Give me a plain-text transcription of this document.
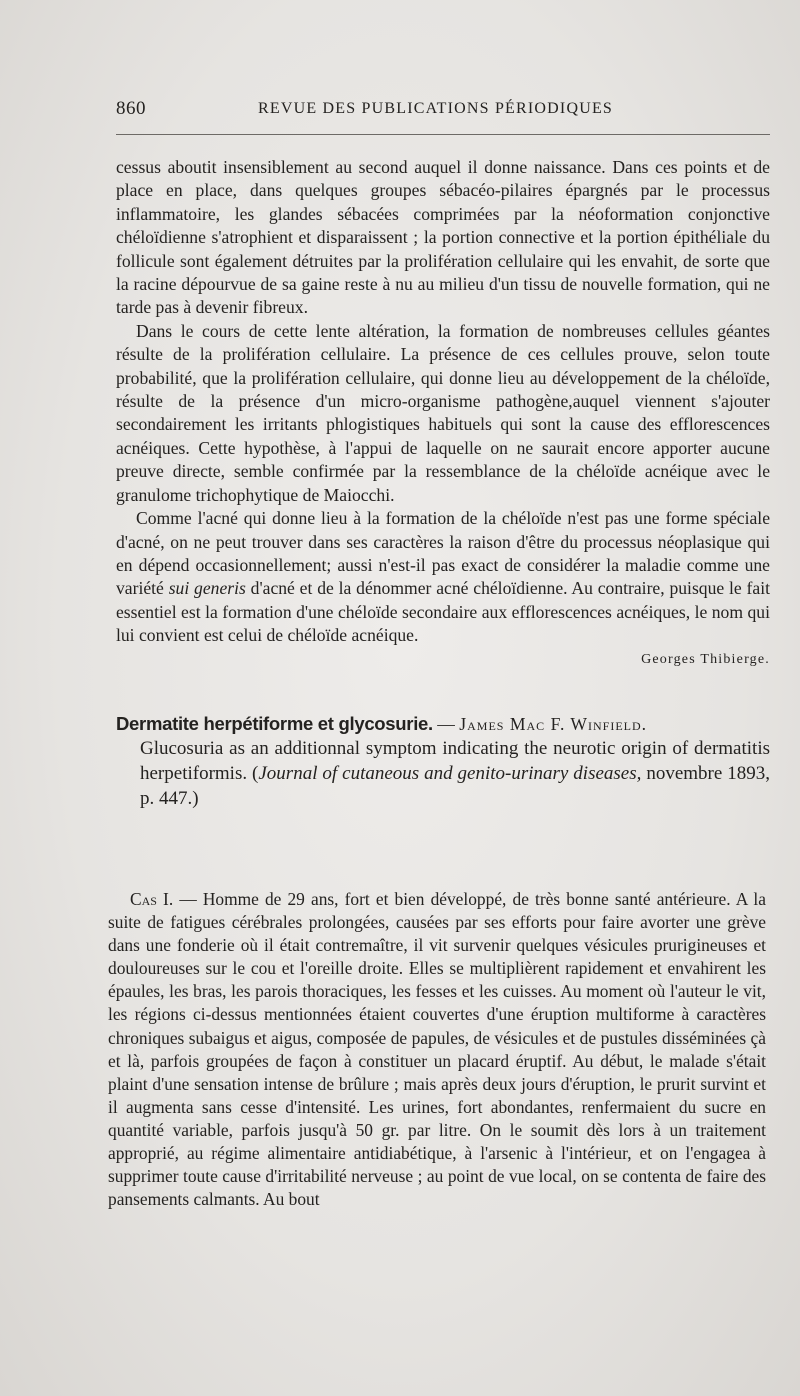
860	REVUE DES PUBLICATIONS PÉRIODIQUES

cessus aboutit insensiblement au second auquel il donne naissance. Dans ces points et de place en place, dans quelques groupes sébacéo-pilaires épargnés par le processus inflammatoire, les glandes sébacées comprimées par la néoformation conjonctive chéloïdienne s'atrophient et disparaissent ; la portion connective et la portion épithéliale du follicule sont également détruites par la prolifération cellulaire qui les envahit, de sorte que la racine dépourvue de sa gaine reste à nu au milieu d'un tissu de nouvelle formation, qui ne tarde pas à devenir fibreux.

Dans le cours de cette lente altération, la formation de nombreuses cellules géantes résulte de la prolifération cellulaire. La présence de ces cellules prouve, selon toute probabilité, que la prolifération cellulaire, qui donne lieu au développement de la chéloïde, résulte de la présence d'un micro-organisme pathogène,auquel viennent s'ajouter secondairement les irritants phlogistiques habituels qui sont la cause des efflorescences acnéiques. Cette hypothèse, à l'appui de laquelle on ne saurait encore apporter aucune preuve directe, semble confirmée par la ressemblance de la chéloïde acnéique avec le granulome trichophytique de Maiocchi.

Comme l'acné qui donne lieu à la formation de la chéloïde n'est pas une forme spéciale d'acné, on ne peut trouver dans ses caractères la raison d'être du processus néoplasique qui en dépend occasionnellement; aussi n'est-il pas exact de considérer la maladie comme une variété sui generis d'acné et de la dénommer acné chéloïdienne. Au contraire, puisque le fait essentiel est la formation d'une chéloïde secondaire aux efflorescences acnéiques, le nom qui lui convient est celui de chéloïde acnéique.

Georges Thibierge.

Dermatite herpétiforme et glycosurie. — James Mac F. Winfield.

Glucosuria as an additionnal symptom indicating the neurotic origin of dermatitis herpetiformis. (Journal of cutaneous and genito-urinary diseases, novembre 1893, p. 447.)

Cas I. — Homme de 29 ans, fort et bien développé, de très bonne santé antérieure. A la suite de fatigues cérébrales prolongées, causées par ses efforts pour faire avorter une grève dans une fonderie où il était contremaître, il vit survenir quelques vésicules prurigineuses et douloureuses sur le cou et l'oreille droite. Elles se multiplièrent rapidement et envahirent les épaules, les bras, les parois thoraciques, les fesses et les cuisses. Au moment où l'auteur le vit, les régions ci-dessus mentionnées étaient couvertes d'une éruption multiforme à caractères chroniques subaigus et aigus, composée de papules, de vésicules et de pustules disséminées çà et là, parfois groupées de façon à constituer un placard éruptif. Au début, le malade s'était plaint d'une sensation intense de brûlure ; mais après deux jours d'éruption, le prurit survint et il augmenta sans cesse d'intensité. Les urines, fort abondantes, renfermaient du sucre en quantité variable, parfois jusqu'à 50 gr. par litre. On le soumit dès lors à un traitement approprié, au régime alimentaire antidiabétique, à l'arsenic à l'intérieur, et on l'engagea à supprimer toute cause d'irritabilité nerveuse ; au point de vue local, on se contenta de faire des pansements calmants. Au bout
